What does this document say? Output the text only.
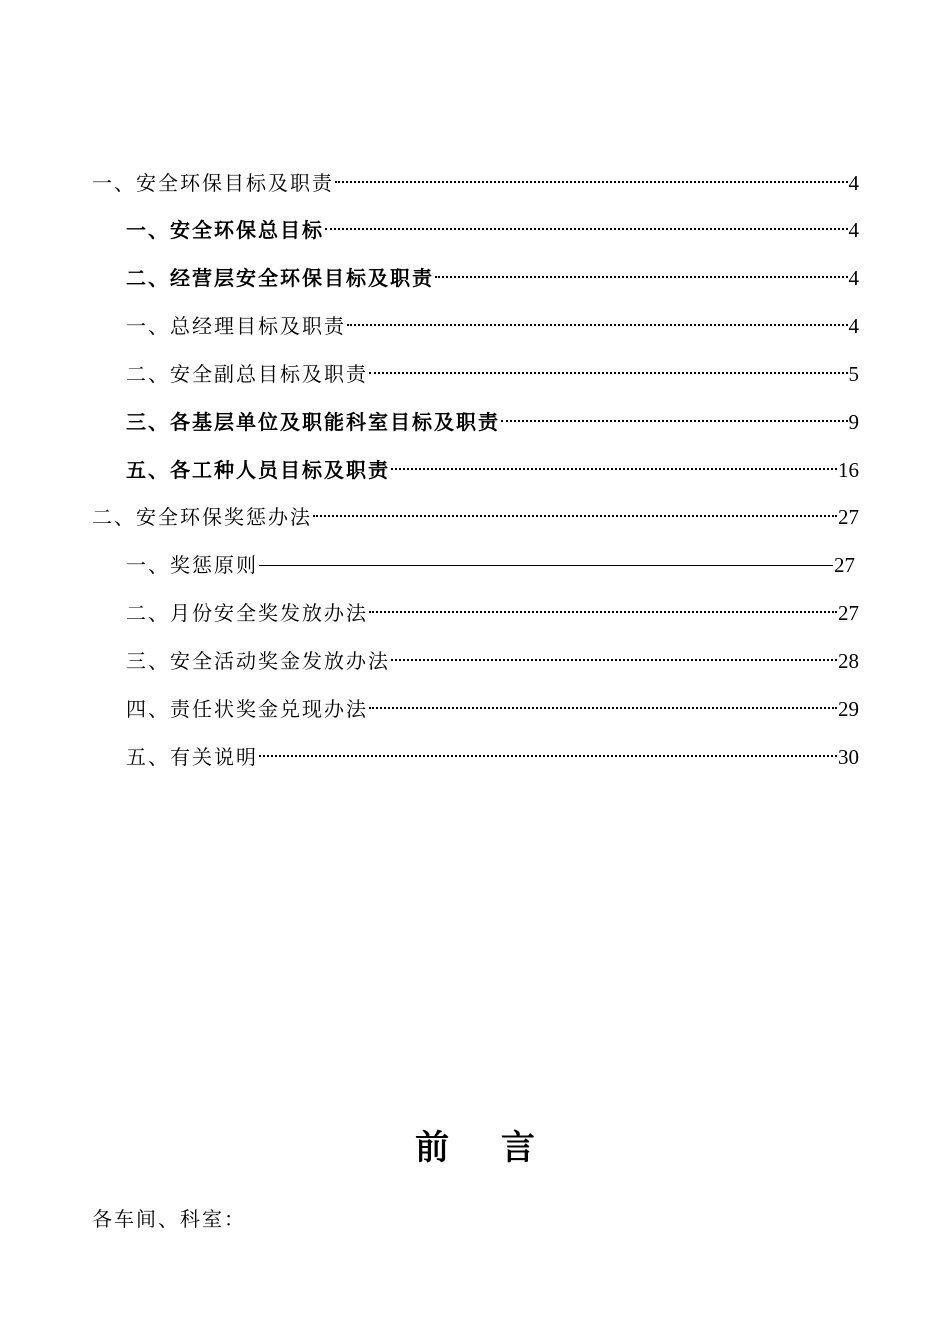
一、安全环保目标及职责	4
一、安全环保总目标	4
二、经营层安全环保目标及职责	4
一、总经理目标及职责	4
二、安全副总目标及职责	5
三、各基层单位及职能科室目标及职责	9
五、各工种人员目标及职责	16
二、安全环保奖惩办法	27
一、奖惩原则	27
二、月份安全奖发放办法	27
三、安全活动奖金发放办法	28
四、责任状奖金兑现办法	29
五、有关说明	30
前 言
各车间、科室：
